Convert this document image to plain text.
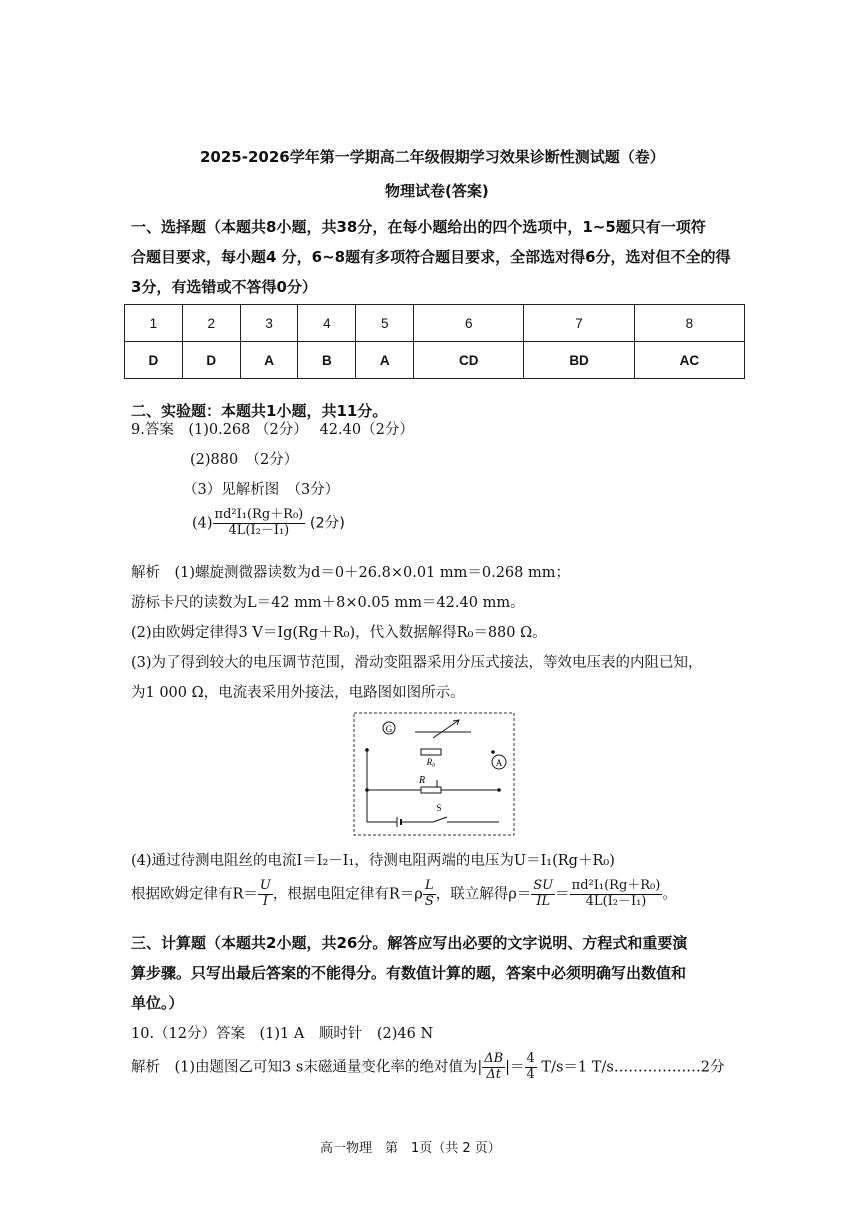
2025-2026学年第一学期高二年级假期学习效果诊断性测试题（卷）
物理试卷(答案)
一、选择题（本题共8小题，共38分，在每小题给出的四个选项中，1~5题只有一项符
合题目要求，每小题4 分，6~8题有多项符合题目要求，全部选对得6分，选对但不全的得
3分，有选错或不答得0分）
1	2	3	4	5	6	7	8
D	D	A	B	A	CD	BD	AC
二、实验题：本题共1小题，共11分。
9.答案　(1)0.268 （2分）　 42.40（2分）
(2)880　（2分）
（3）见解析图　（3分）
$(4) \frac{\text{πd²I₁(Rg＋R₀)}}{\text{4L(I₂－I₁)}} (2$分)
解析　(1)螺旋测微器读数为d＝0＋26.8×0.01 mm＝0.268 mm；
游标卡尺的读数为L＝42 mm＋8×0.05 mm＝42.40 mm。
(2)由欧姆定律得3 V＝Ig(Rg＋R₀)，代入数据解得R₀＝880 Ω。
(3)为了得到较大的电压调节范围，滑动变阻器采用分压式接法，等效电压表的内阻已知，
为1 000 Ω，电流表采用外接法，电路图如图所示。
G
R₀	A
R
S
(4)通过待测电阻丝的电流I＝I₂－I₁，待测电阻两端的电压为U＝I₁(Rg＋R₀)
根据欧姆定律有$R= \frac{U}{I}$ ，根据电阻定律有$R=\rho \frac{L}{S}$ ，联立解得$\rho= \frac{SU}{IL} = \frac{\text{πd²I₁(Rg＋R₀)}}{\text{4L(I₂－I₁)}}$ 。
三、计算题（本题共2小题，共26分。解答应写出必要的文字说明、方程式和重要演
算步骤。只写出最后答案的不能得分。有数值计算的题，答案中必须明确写出数值和
单位。）
10.（12分）答案　(1)1 A　顺时针　(2)46 N
解析　(1)由题图乙可知3 s末磁通量变化率的绝对值为| $\frac{\Delta B}{\Delta t}$ |＝ $\frac{4}{4} T/s=1$ T/s………………2分
高一物理　第　1页（共 2 页）
